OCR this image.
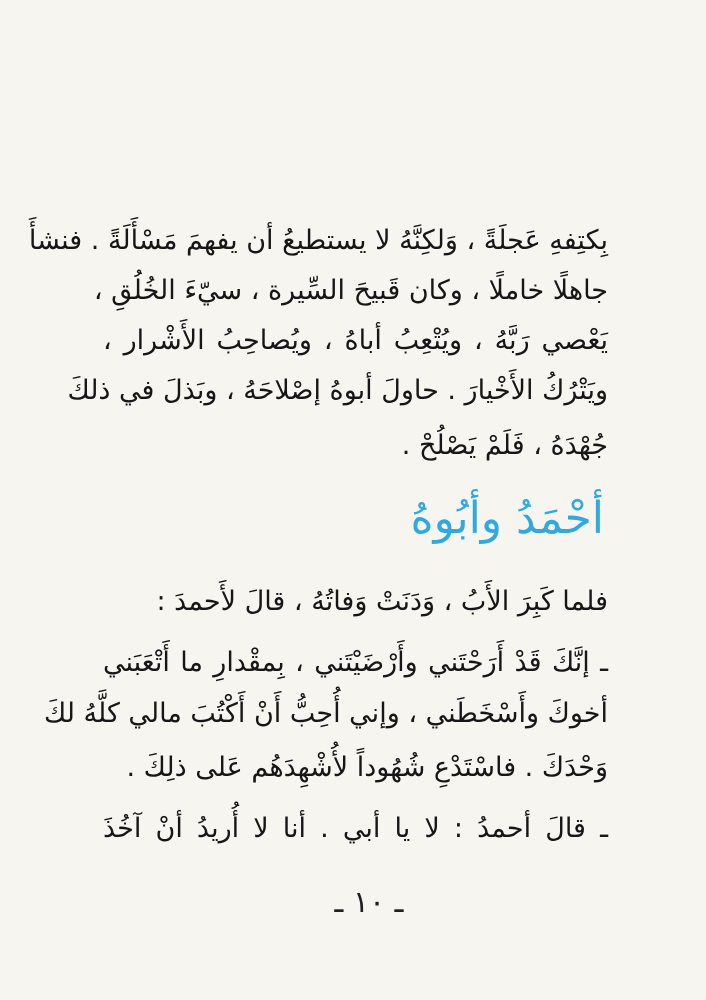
بِكتِفهِ عَجلَةً ، وَلكِنَّهُ لا يستطيعُ أن يفهمَ مَسْأَلَةً . فنشأَ
جاهلًا خاملًا ، وكان قَبيحَ السِّيرة ، سيّءَ الخُلُقِ ،
يَعْصي رَبَّهُ ، ويُتْعِبُ أباهُ ، ويُصاحِبُ الأَشْرار ،
ويَتْرُكُ الأَخْيارَ . حاولَ أبوهُ إصْلاحَهُ ، وبَذلَ في ذلكَ
جُهْدَهُ ، فَلَمْ يَصْلُحْ .
أحْمَدُ وأبُوهُ
فلما كَبِرَ الأَبُ ، وَدَنَتْ وَفاتُهُ ، قالَ لأَحمدَ :
ـ إنَّكَ قَدْ أَرَحْتَني وأَرْضَيْتَني ، بِمقْدارِ ما أَتْعَبَني
أخوكَ وأَسْخَطَني ، وإني أُحِبُّ أَنْ أَكْتُبَ مالي كلَّهُ لكَ
وَحْدَكَ . فاسْتَدْعِ شُهُوداً لأُشْهِدَهُم عَلى ذلِكَ .
ـ قالَ أحمدُ : لا يا أبي . أنا لا أُريدُ أنْ آخُذَ
ـ ١٠ ـ
